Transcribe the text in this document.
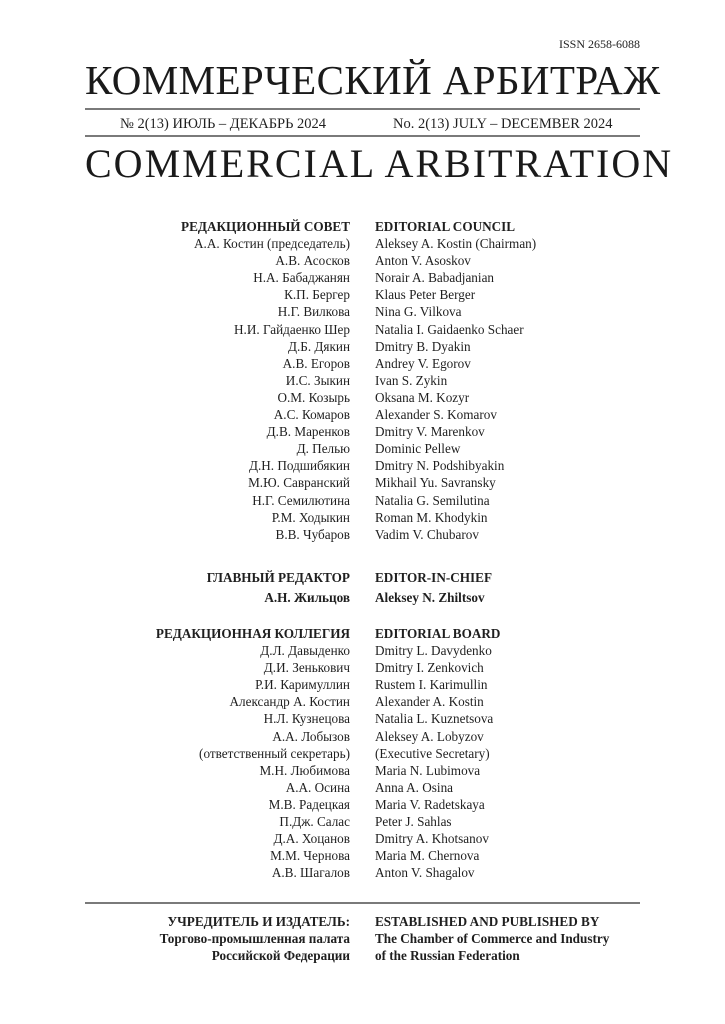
ISSN 2658-6088
КОММЕРЧЕСКИЙ АРБИТРАЖ
№ 2(13) ИЮЛЬ – ДЕКАБРЬ 2024	No. 2(13) JULY – DECEMBER 2024
COMMERCIAL ARBITRATION
РЕДАКЦИОННЫЙ СОВЕТ
А.А. Костин (председатель)
А.В. Асосков
Н.А. Бабаджанян
К.П. Бергер
Н.Г. Вилкова
Н.И. Гайдаенко Шер
Д.Б. Дякин
А.В. Егоров
И.С. Зыкин
О.М. Козырь
А.С. Комаров
Д.В. Маренков
Д. Пелью
Д.Н. Подшибякин
М.Ю. Савранский
Н.Г. Семилютина
Р.М. Ходыкин
В.В. Чубаров
EDITORIAL COUNCIL
Aleksey A. Kostin (Chairman)
Anton V. Asoskov
Norair A. Babadjanian
Klaus Peter Berger
Nina G. Vilkova
Natalia I. Gaidaenko Schaer
Dmitry B. Dyakin
Andrey V. Egorov
Ivan S. Zykin
Oksana M. Kozyr
Alexander S. Komarov
Dmitry V. Marenkov
Dominic Pellew
Dmitry N. Podshibyakin
Mikhail Yu. Savransky
Natalia G. Semilutina
Roman M. Khodykin
Vadim V. Chubarov
ГЛАВНЫЙ РЕДАКТОР
А.Н. Жильцов
EDITOR-IN-CHIEF
Aleksey N. Zhiltsov
РЕДАКЦИОННАЯ КОЛЛЕГИЯ
Д.Л. Давыденко
Д.И. Зенькович
Р.И. Каримуллин
Александр А. Костин
Н.Л. Кузнецова
А.А. Лобызов
(ответственный секретарь)
М.Н. Любимова
А.А. Осина
М.В. Радецкая
П.Дж. Салас
Д.А. Хоцанов
М.М. Чернова
А.В. Шагалов
EDITORIAL BOARD
Dmitry L. Davydenko
Dmitry I. Zenkovich
Rustem I. Karimullin
Alexander A. Kostin
Natalia L. Kuznetsova
Aleksey A. Lobyzov
(Executive Secretary)
Maria N. Lubimova
Anna A. Osina
Maria V. Radetskaya
Peter J. Sahlas
Dmitry A. Khotsanov
Maria M. Chernova
Anton V. Shagalov
УЧРЕДИТЕЛЬ И ИЗДАТЕЛЬ:
Торгово-промышленная палата
Российской Федерации
ESTABLISHED AND PUBLISHED BY
The Chamber of Commerce and Industry
of the Russian Federation
